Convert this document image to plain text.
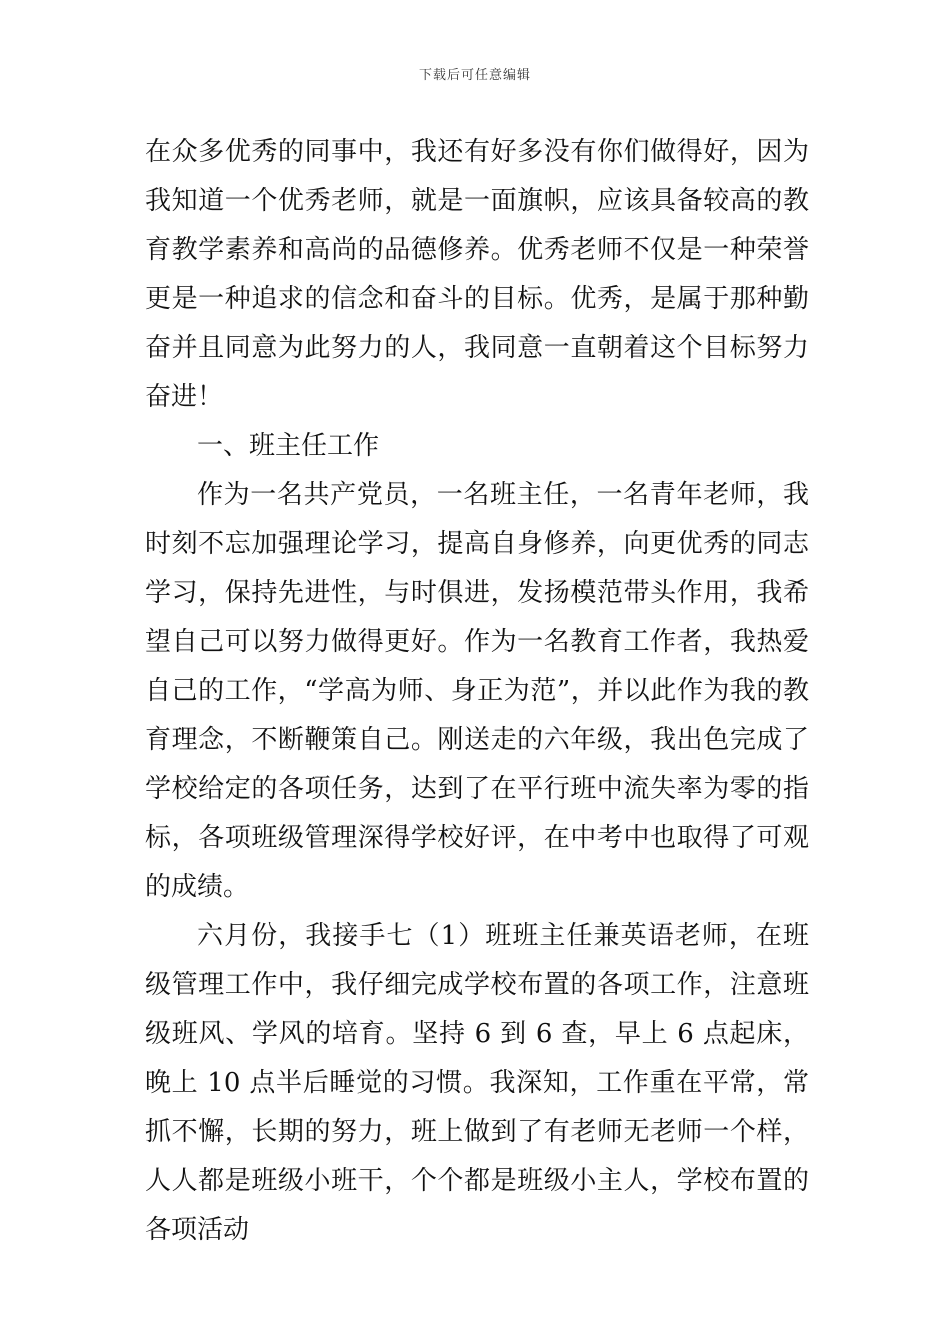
下载后可任意编辑

在众多优秀的同事中，我还有好多没有你们做得好，因为我知道一个优秀老师，就是一面旗帜，应该具备较高的教育教学素养和高尚的品德修养。优秀老师不仅是一种荣誉更是一种追求的信念和奋斗的目标。优秀，是属于那种勤奋并且同意为此努力的人，我同意一直朝着这个目标努力奋进！

一、班主任工作

作为一名共产党员，一名班主任，一名青年老师，我时刻不忘加强理论学习，提高自身修养，向更优秀的同志学习，保持先进性，与时俱进，发扬模范带头作用，我希望自己可以努力做得更好。作为一名教育工作者，我热爱自己的工作，“学高为师、身正为范”，并以此作为我的教育理念，不断鞭策自己。刚送走的六年级，我出色完成了学校给定的各项任务，达到了在平行班中流失率为零的指标，各项班级管理深得学校好评，在中考中也取得了可观的成绩。

六月份，我接手七（1）班班主任兼英语老师，在班级管理工作中，我仔细完成学校布置的各项工作，注意班级班风、学风的培育。坚持 6 到 6 查，早上 6 点起床，晚上 10 点半后睡觉的习惯。我深知，工作重在平常，常抓不懈，长期的努力，班上做到了有老师无老师一个样，人人都是班级小班干，个个都是班级小主人，学校布置的各项活动
